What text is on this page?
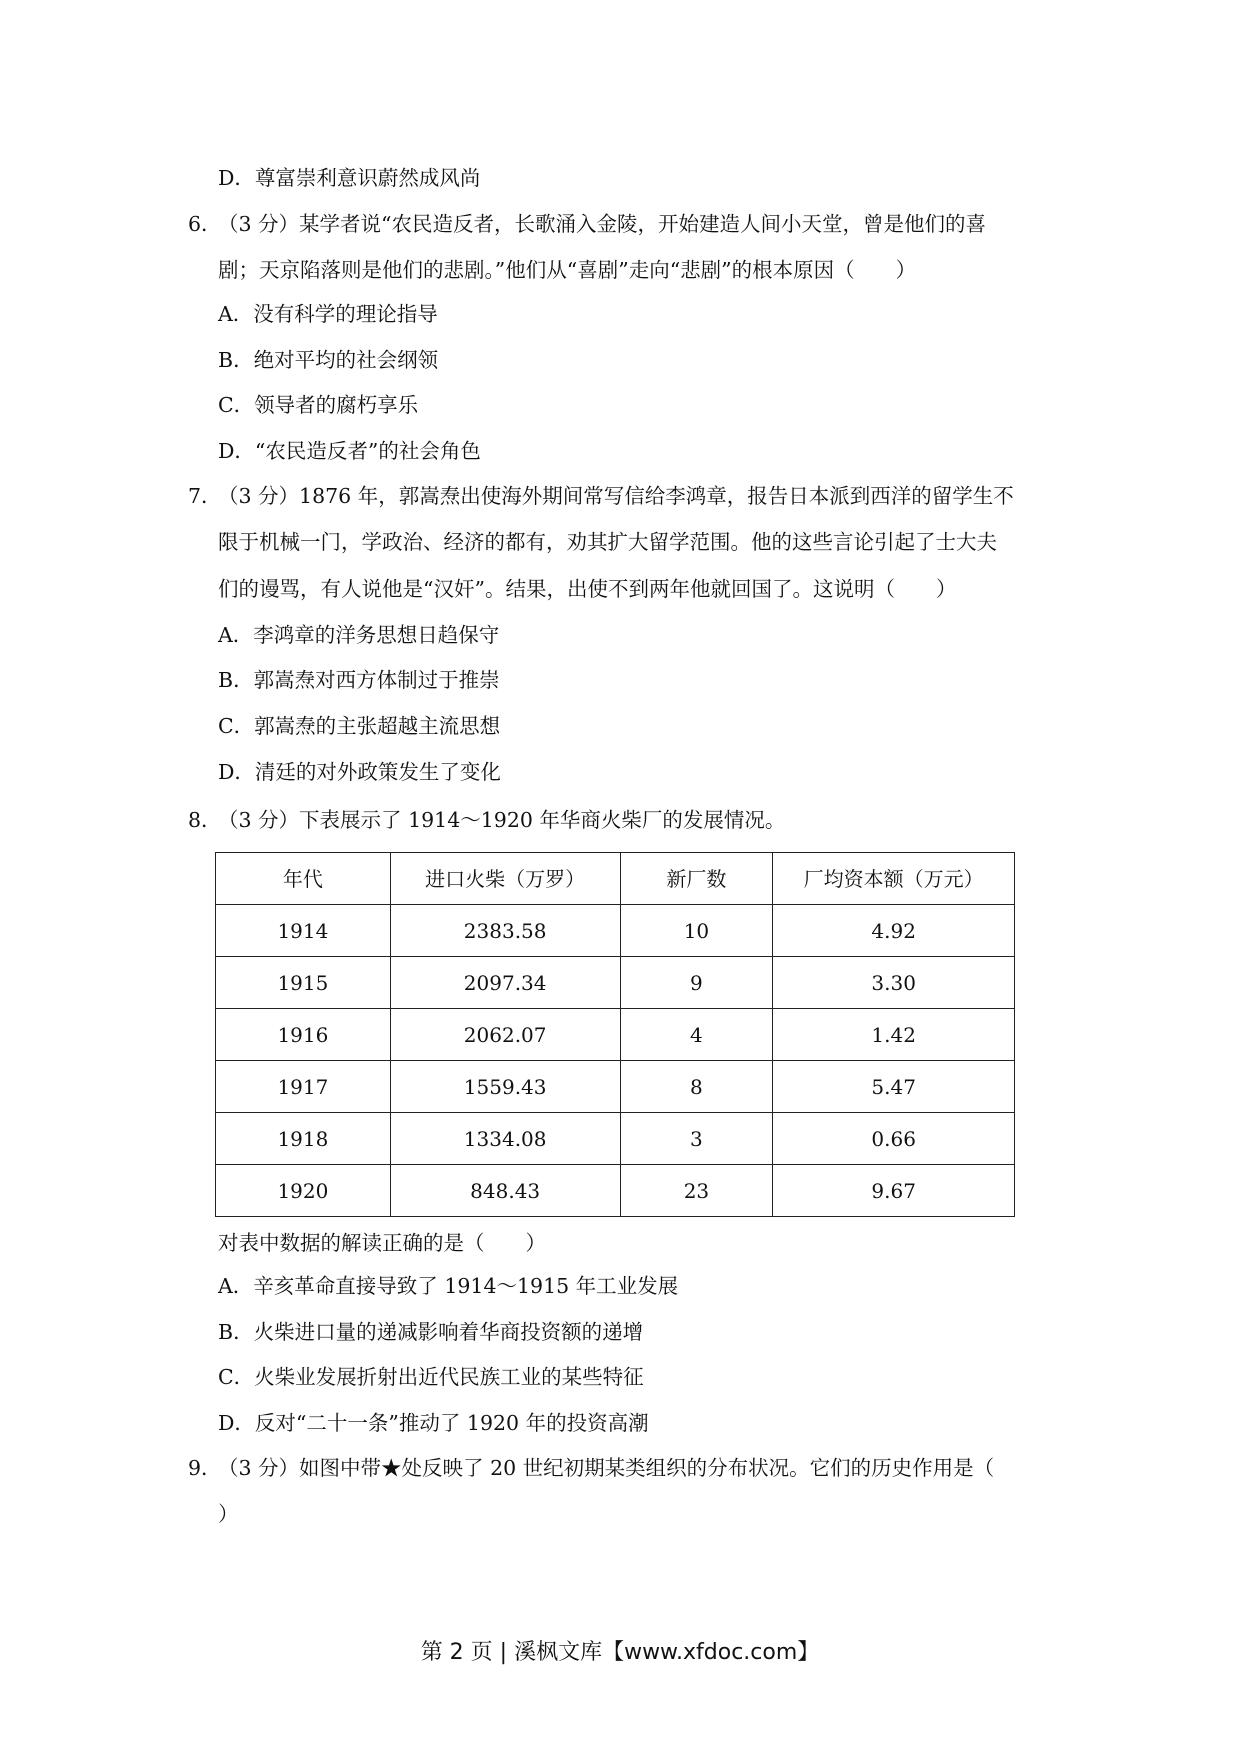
D．尊富崇利意识蔚然成风尚
6．（3 分）某学者说“农民造反者，长歌涌入金陵，开始建造人间小天堂，曾是他们的喜
剧；天京陷落则是他们的悲剧。”他们从“喜剧”走向“悲剧”的根本原因（　　）
A．没有科学的理论指导
B．绝对平均的社会纲领
C．领导者的腐朽享乐
D．“农民造反者”的社会角色
7．（3 分）1876 年，郭嵩焘出使海外期间常写信给李鸿章，报告日本派到西洋的留学生不
限于机械一门，学政治、经济的都有，劝其扩大留学范围。他的这些言论引起了士大夫
们的谩骂，有人说他是“汉奸”。结果，出使不到两年他就回国了。这说明（　　）
A．李鸿章的洋务思想日趋保守
B．郭嵩焘对西方体制过于推崇
C．郭嵩焘的主张超越主流思想
D．清廷的对外政策发生了变化
8．（3 分）下表展示了 1914～1920 年华商火柴厂的发展情况。
年代	进口火柴（万罗）	新厂数	厂均资本额（万元）
1914	2383.58	10	4.92
1915	2097.34	9	3.30
1916	2062.07	4	1.42
1917	1559.43	8	5.47
1918	1334.08	3	0.66
1920	848.43	23	9.67
对表中数据的解读正确的是（　　）
A．辛亥革命直接导致了 1914～1915 年工业发展
B．火柴进口量的递减影响着华商投资额的递增
C．火柴业发展折射出近代民族工业的某些特征
D．反对“二十一条”推动了 1920 年的投资高潮
9．（3 分）如图中带★处反映了 20 世纪初期某类组织的分布状况。它们的历史作用是（
）
第 2 页 | 溪枫文库【www.xfdoc.com】
